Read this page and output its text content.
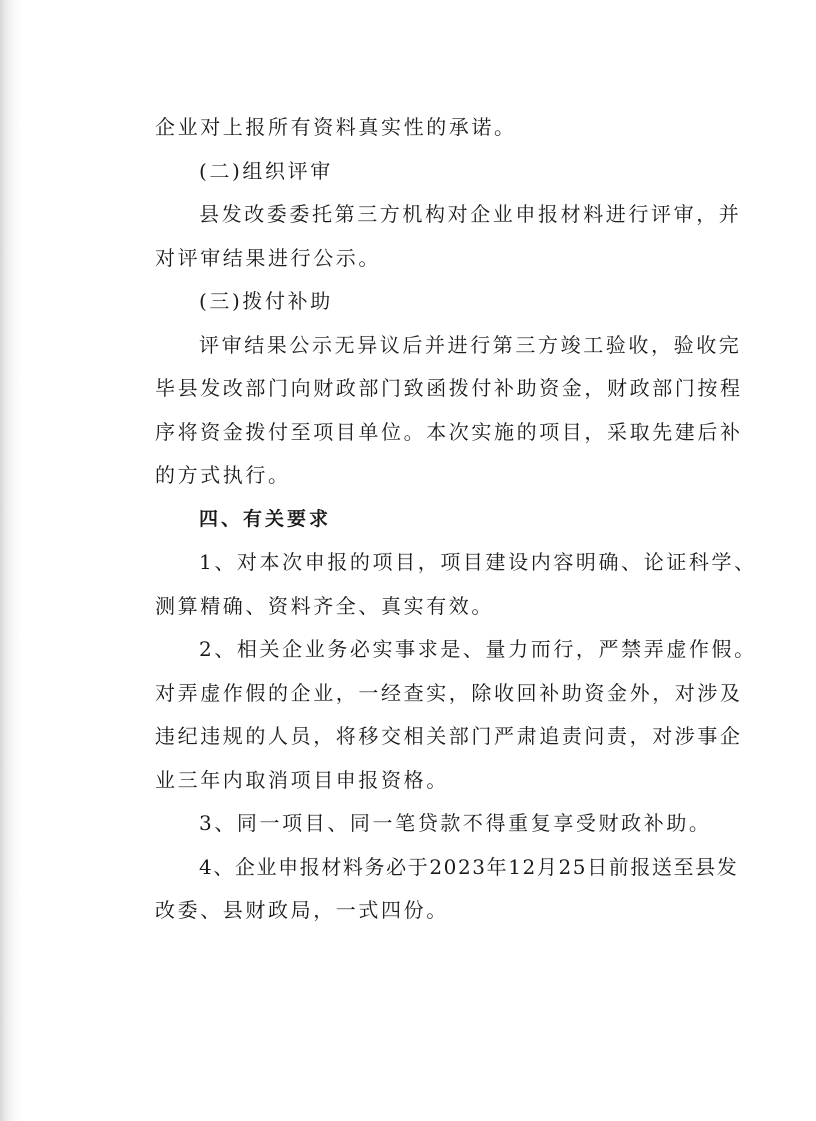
企业对上报所有资料真实性的承诺。
(二)组织评审
县发改委委托第三方机构对企业申报材料进行评审，并
对评审结果进行公示。
(三)拨付补助
评审结果公示无异议后并进行第三方竣工验收，验收完
毕县发改部门向财政部门致函拨付补助资金，财政部门按程
序将资金拨付至项目单位。本次实施的项目，采取先建后补
的方式执行。
四、有关要求
1、对本次申报的项目，项目建设内容明确、论证科学、
测算精确、资料齐全、真实有效。
2、相关企业务必实事求是、量力而行，严禁弄虚作假。
对弄虚作假的企业，一经查实，除收回补助资金外，对涉及
违纪违规的人员，将移交相关部门严肃追责问责，对涉事企
业三年内取消项目申报资格。
3、同一项目、同一笔贷款不得重复享受财政补助。
4、企业申报材料务必于2023年12月25日前报送至县发
改委、县财政局，一式四份。
